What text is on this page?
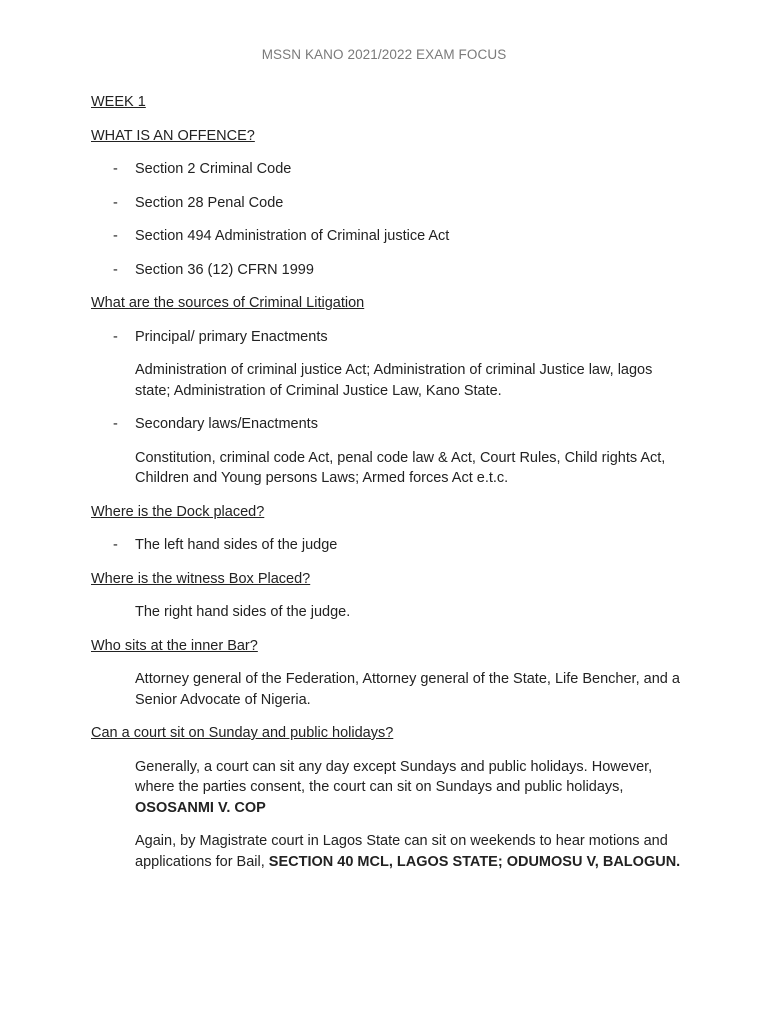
MSSN KANO 2021/2022 EXAM FOCUS
WEEK 1
WHAT IS AN OFFENCE?
- Section 2 Criminal Code
- Section 28 Penal Code
- Section 494 Administration of Criminal justice Act
- Section 36 (12) CFRN 1999
What are the sources of Criminal Litigation
- Principal/ primary Enactments
Administration of criminal justice Act; Administration of criminal Justice law, lagos state; Administration of Criminal Justice Law, Kano State.
- Secondary laws/Enactments
Constitution, criminal code Act, penal code law & Act, Court Rules, Child rights Act, Children and Young persons Laws; Armed forces Act e.t.c.
Where is the Dock placed?
- The left hand sides of the judge
Where is the witness Box Placed?
The right hand sides of the judge.
Who sits at the inner Bar?
Attorney general of the Federation, Attorney general of the State, Life Bencher, and a Senior Advocate of Nigeria.
Can a court sit on Sunday and public holidays?
Generally, a court can sit any day except Sundays and public holidays. However, where the parties consent, the court can sit on Sundays and public holidays,
OSOSANMI V. COP
Again, by Magistrate court in Lagos State can sit on weekends to hear motions and applications for Bail, SECTION 40 MCL, LAGOS STATE; ODUMOSU V, BALOGUN.
